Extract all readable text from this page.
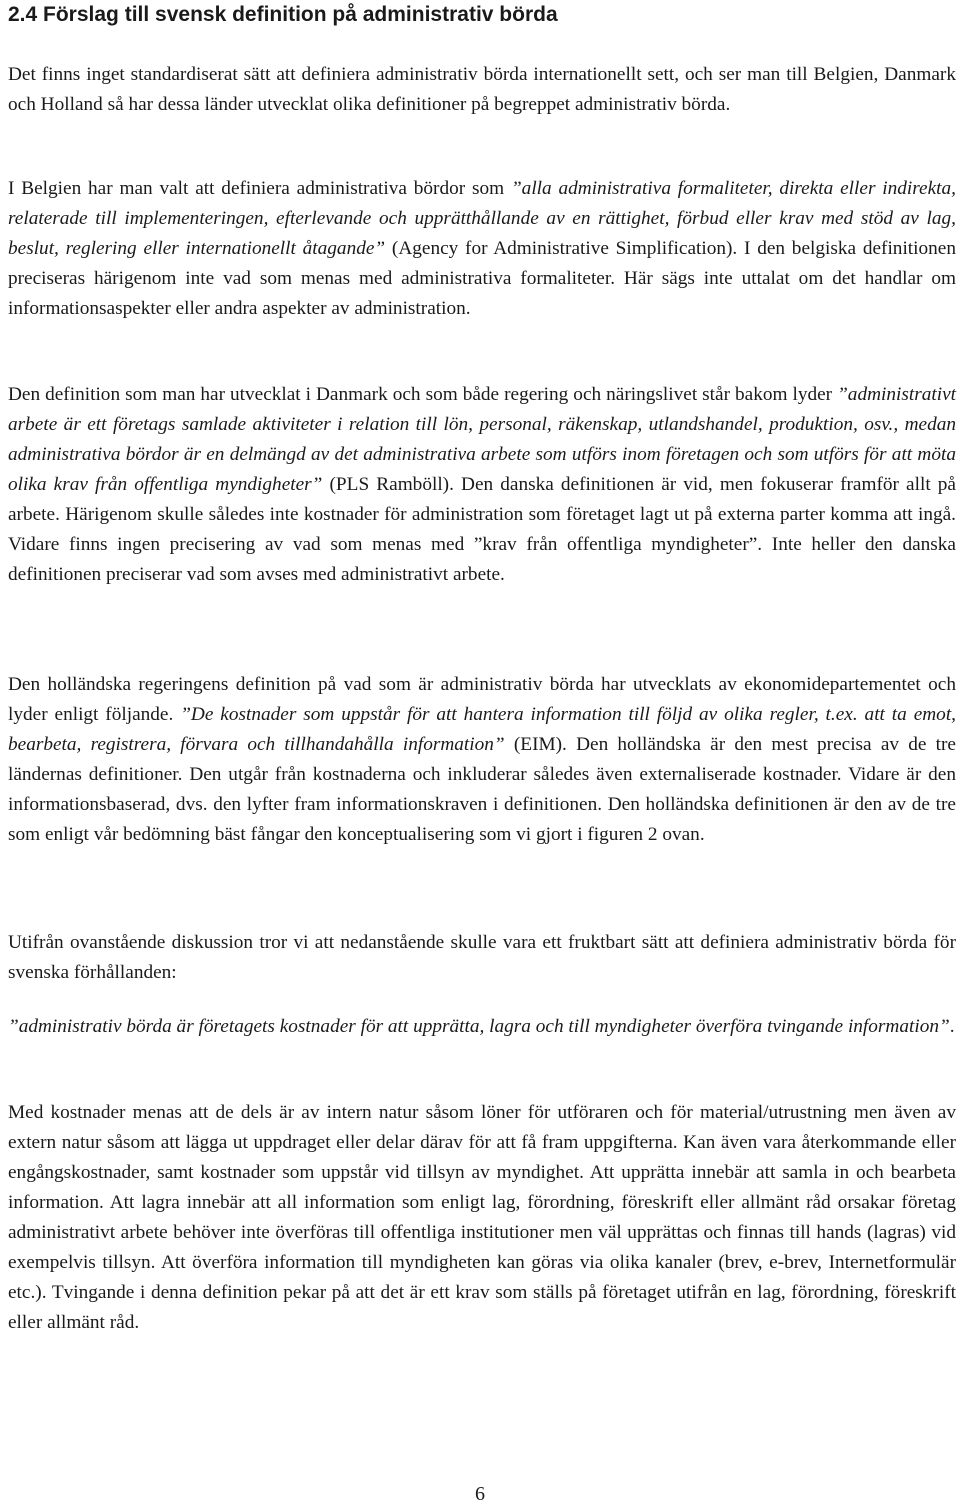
2.4 Förslag till svensk definition på administrativ börda

Det finns inget standardiserat sätt att definiera administrativ börda internationellt sett, och ser man till Belgien, Danmark och Holland så har dessa länder utvecklat olika definitioner på begreppet administrativ börda.

I Belgien har man valt att definiera administrativa bördor som ”alla administrativa formaliteter, direkta eller indirekta, relaterade till implementeringen, efterlevande och upprätthållande av en rättighet, förbud eller krav med stöd av lag, beslut, reglering eller internationellt åtagande” (Agency for Administrative Simplification). I den belgiska definitionen preciseras härigenom inte vad som menas med administrativa formaliteter. Här sägs inte uttalat om det handlar om informationsaspekter eller andra aspekter av administration.

Den definition som man har utvecklat i Danmark och som både regering och näringslivet står bakom lyder ”administrativt arbete är ett företags samlade aktiviteter i relation till lön, personal, räkenskap, utlandshandel, produktion, osv., medan administrativa bördor är en delmängd av det administrativa arbete som utförs inom företagen och som utförs för att möta olika krav från offentliga myndigheter” (PLS Ramböll). Den danska definitionen är vid, men fokuserar framför allt på arbete. Härigenom skulle således inte kostnader för administration som företaget lagt ut på externa parter komma att ingå. Vidare finns ingen precisering av vad som menas med ”krav från offentliga myndigheter”. Inte heller den danska definitionen preciserar vad som avses med administrativt arbete.

Den holländska regeringens definition på vad som är administrativ börda har utvecklats av ekonomidepartementet och lyder enligt följande. ”De kostnader som uppstår för att hantera information till följd av olika regler, t.ex. att ta emot, bearbeta, registrera, förvara och tillhandahålla information” (EIM). Den holländska är den mest precisa av de tre ländernas definitioner. Den utgår från kostnaderna och inkluderar således även externaliserade kostnader. Vidare är den informationsbaserad, dvs. den lyfter fram informationskraven i definitionen. Den holländska definitionen är den av de tre som enligt vår bedömning bäst fångar den konceptualisering som vi gjort i figuren 2 ovan.

Utifrån ovanstående diskussion tror vi att nedanstående skulle vara ett fruktbart sätt att definiera administrativ börda för svenska förhållanden:

”administrativ börda är företagets kostnader för att upprätta, lagra och till myndigheter överföra tvingande information”.

Med kostnader menas att de dels är av intern natur såsom löner för utföraren och för material/utrustning men även av extern natur såsom att lägga ut uppdraget eller delar därav för att få fram uppgifterna. Kan även vara återkommande eller engångskostnader, samt kostnader som uppstår vid tillsyn av myndighet. Att upprätta innebär att samla in och bearbeta information. Att lagra innebär att all information som enligt lag, förordning, föreskrift eller allmänt råd orsakar företag administrativt arbete behöver inte överföras till offentliga institutioner men väl upprättas och finnas till hands (lagras) vid exempelvis tillsyn. Att överföra information till myndigheten kan göras via olika kanaler (brev, e-brev, Internetformulär etc.). Tvingande i denna definition pekar på att det är ett krav som ställs på företaget utifrån en lag, förordning, föreskrift eller allmänt råd.

6
